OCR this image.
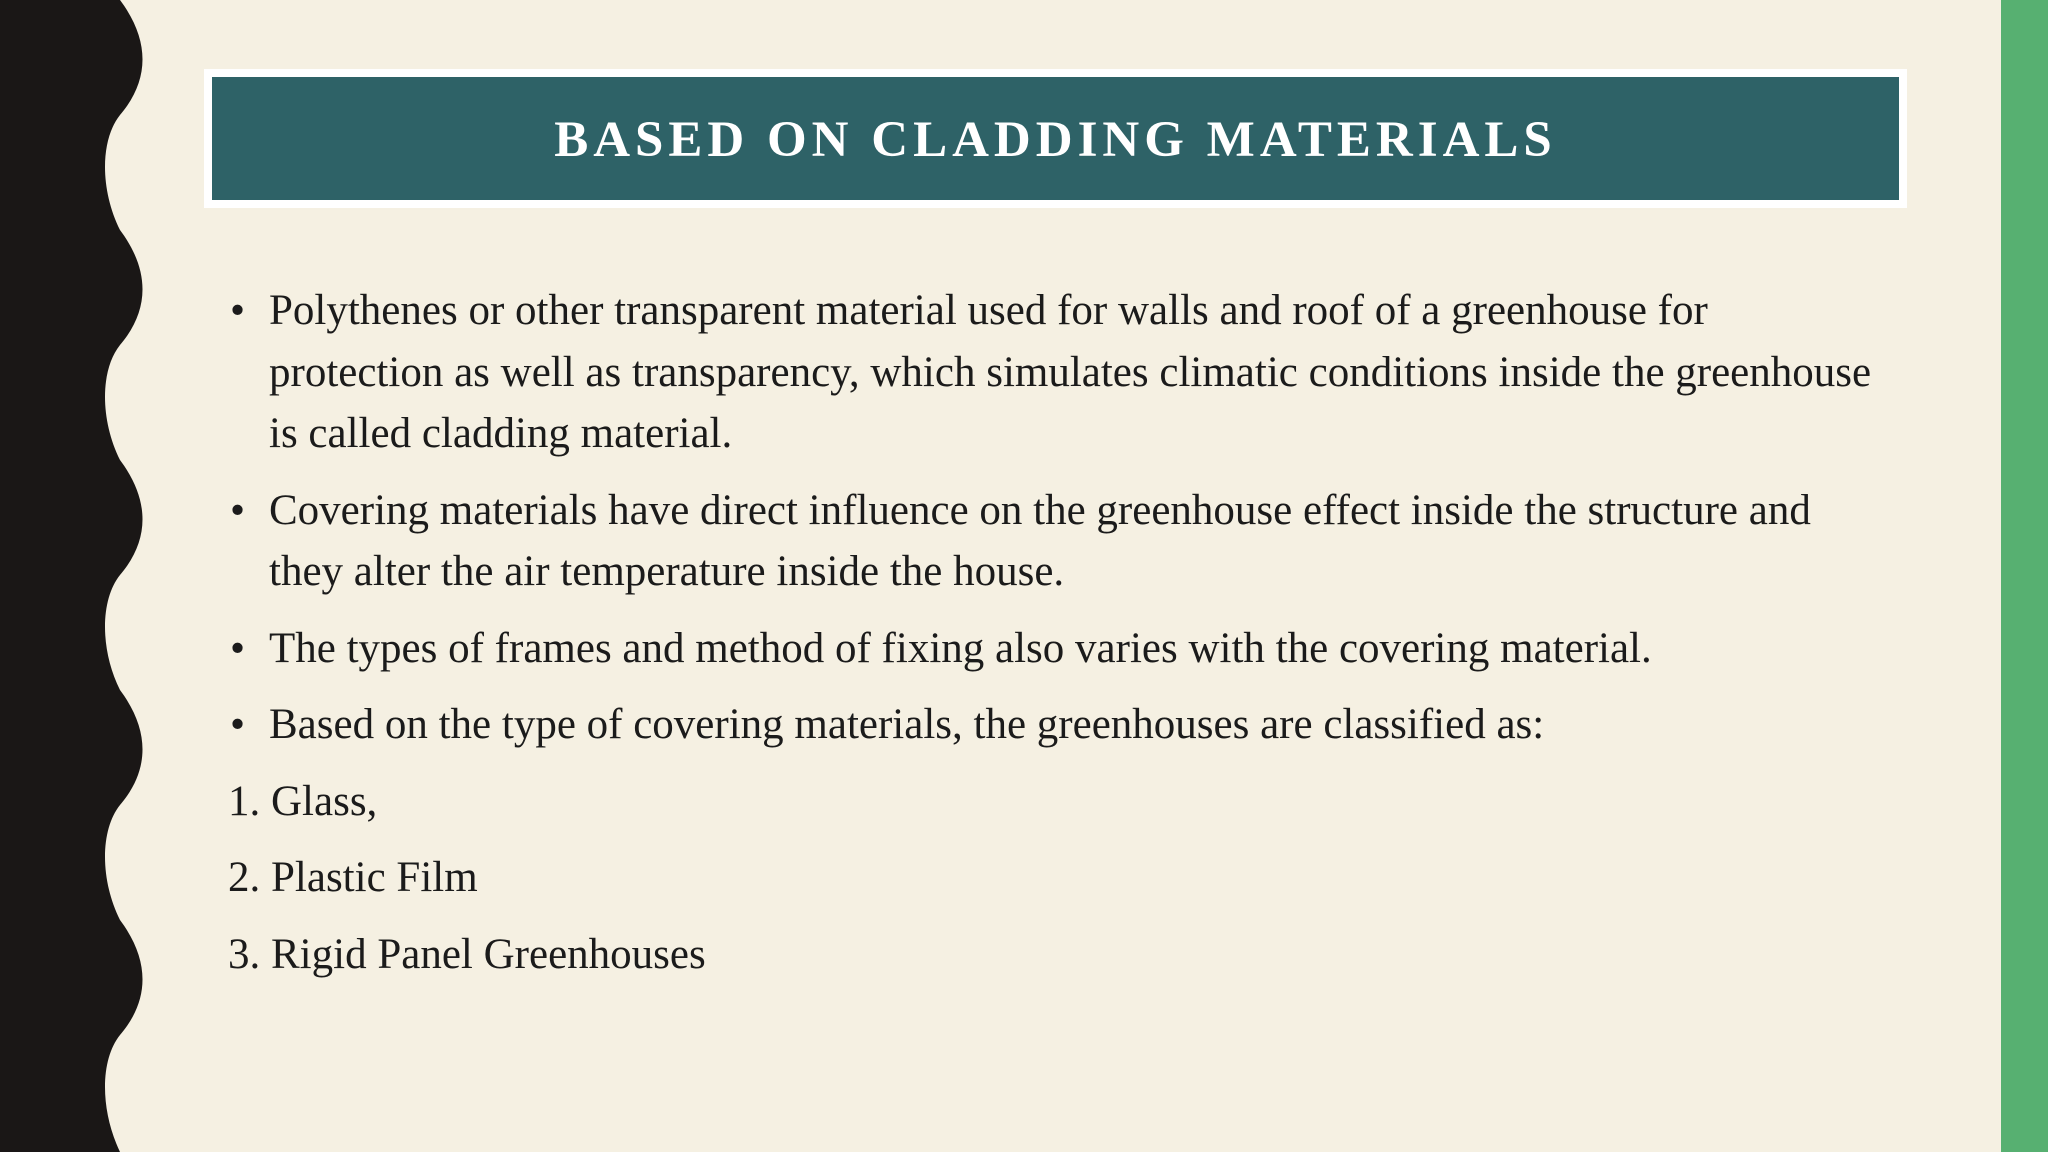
BASED ON CLADDING MATERIALS
• Polythenes or other transparent material used for walls and roof of a greenhouse for protection as well as transparency, which simulates climatic conditions inside the greenhouse is called cladding material.
• Covering materials have direct influence on the greenhouse effect inside the structure and they alter the air temperature inside the house.
• The types of frames and method of fixing also varies with the covering material.
• Based on the type of covering materials, the greenhouses are classified as:
1. Glass,
2. Plastic Film
3. Rigid Panel Greenhouses
